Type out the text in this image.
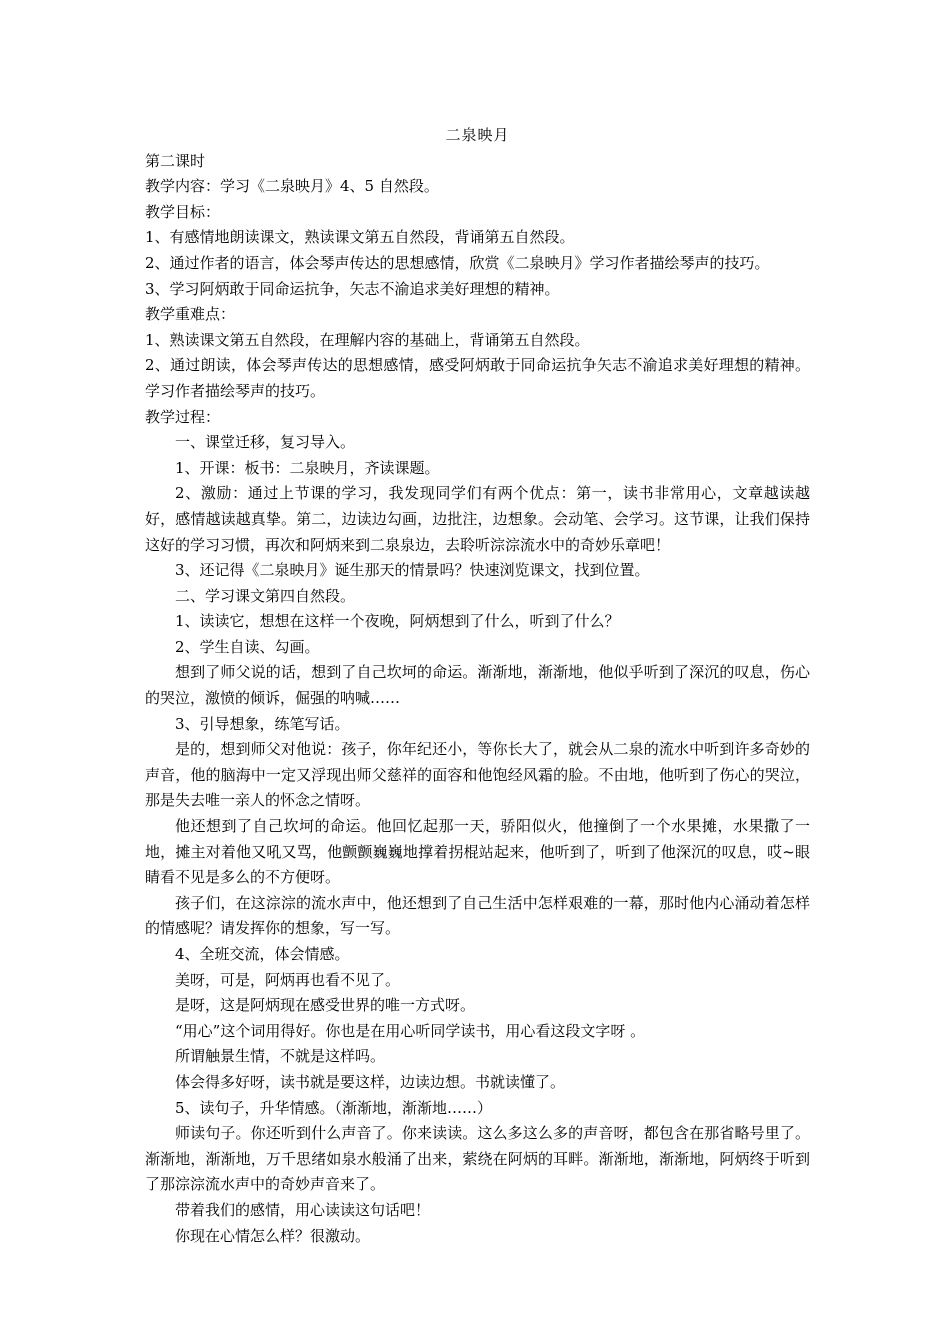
二泉映月

第二课时

教学内容：学习《二泉映月》4、5 自然段。

教学目标：

1、有感情地朗读课文，熟读课文第五自然段，背诵第五自然段。

2、通过作者的语言，体会琴声传达的思想感情，欣赏《二泉映月》学习作者描绘琴声的技巧。

3、学习阿炳敢于同命运抗争，矢志不渝追求美好理想的精神。

教学重难点：

1、熟读课文第五自然段，在理解内容的基础上，背诵第五自然段。

2、通过朗读，体会琴声传达的思想感情，感受阿炳敢于同命运抗争矢志不渝追求美好理想的精神。学习作者描绘琴声的技巧。

教学过程：

一、课堂迁移，复习导入。

1、开课：板书：二泉映月，齐读课题。

2、激励：通过上节课的学习，我发现同学们有两个优点：第一，读书非常用心，文章越读越好，感情越读越真挚。第二，边读边勾画，边批注，边想象。会动笔、会学习。这节课，让我们保持这好的学习习惯，再次和阿炳来到二泉泉边，去聆听淙淙流水中的奇妙乐章吧！

3、还记得《二泉映月》诞生那天的情景吗？快速浏览课文，找到位置。

二、学习课文第四自然段。

1、读读它，想想在这样一个夜晚，阿炳想到了什么，听到了什么？

2、学生自读、勾画。

想到了师父说的话，想到了自己坎坷的命运。渐渐地，渐渐地，他似乎听到了深沉的叹息，伤心的哭泣，激愤的倾诉，倔强的呐喊……

3、引导想象，练笔写话。

是的，想到师父对他说：孩子，你年纪还小，等你长大了，就会从二泉的流水中听到许多奇妙的声音，他的脑海中一定又浮现出师父慈祥的面容和他饱经风霜的脸。不由地，他听到了伤心的哭泣，那是失去唯一亲人的怀念之情呀。

他还想到了自己坎坷的命运。他回忆起那一天，骄阳似火，他撞倒了一个水果摊，水果撒了一地，摊主对着他又吼又骂，他颤颤巍巍地撑着拐棍站起来，他听到了，听到了他深沉的叹息，哎~眼睛看不见是多么的不方便呀。

孩子们，在这淙淙的流水声中，他还想到了自己生活中怎样艰难的一幕，那时他内心涌动着怎样的情感呢？请发挥你的想象，写一写。

4、全班交流，体会情感。

美呀，可是，阿炳再也看不见了。

是呀，这是阿炳现在感受世界的唯一方式呀。

“用心”这个词用得好。你也是在用心听同学读书，用心看这段文字呀 。

所谓触景生情，不就是这样吗。

体会得多好呀，读书就是要这样，边读边想。书就读懂了。

5、读句子，升华情感。（渐渐地，渐渐地……）

师读句子。你还听到什么声音了。你来读读。这么多这么多的声音呀，都包含在那省略号里了。渐渐地，渐渐地，万千思绪如泉水般涌了出来，萦绕在阿炳的耳畔。渐渐地，渐渐地，阿炳终于听到了那淙淙流水声中的奇妙声音来了。

带着我们的感情，用心读读这句话吧！

你现在心情怎么样？很激动。
